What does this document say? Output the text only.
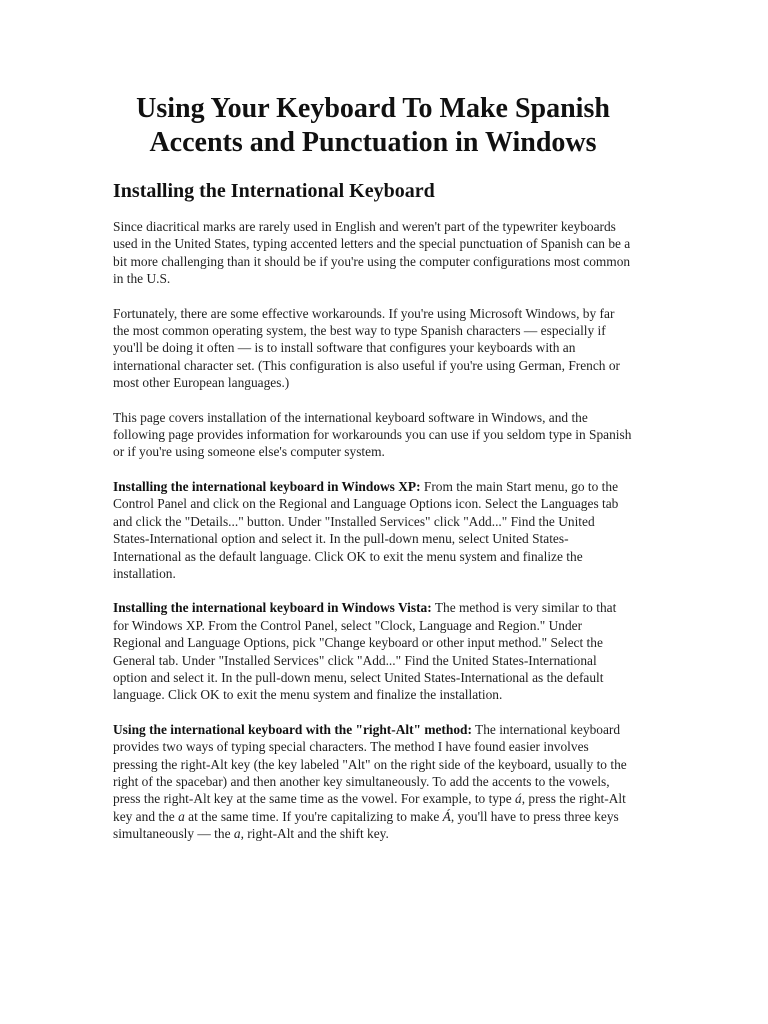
Using Your Keyboard To Make Spanish
Accents and Punctuation in Windows
Installing the International Keyboard

Since diacritical marks are rarely used in English and weren't part of the typewriter keyboards used in the United States, typing accented letters and the special punctuation of Spanish can be a bit more challenging than it should be if you're using the computer configurations most common in the U.S.

Fortunately, there are some effective workarounds. If you're using Microsoft Windows, by far the most common operating system, the best way to type Spanish characters — especially if you'll be doing it often — is to install software that configures your keyboards with an international character set. (This configuration is also useful if you're using German, French or most other European languages.)

This page covers installation of the international keyboard software in Windows, and the following page provides information for workarounds you can use if you seldom type in Spanish or if you're using someone else's computer system.

Installing the international keyboard in Windows XP: From the main Start menu, go to the Control Panel and click on the Regional and Language Options icon. Select the Languages tab and click the "Details..." button. Under "Installed Services" click "Add..." Find the United States-International option and select it. In the pull-down menu, select United States-International as the default language. Click OK to exit the menu system and finalize the installation.

Installing the international keyboard in Windows Vista: The method is very similar to that for Windows XP. From the Control Panel, select "Clock, Language and Region." Under Regional and Language Options, pick "Change keyboard or other input method." Select the General tab. Under "Installed Services" click "Add..." Find the United States-International option and select it. In the pull-down menu, select United States-International as the default language. Click OK to exit the menu system and finalize the installation.

Using the international keyboard with the "right-Alt" method: The international keyboard provides two ways of typing special characters. The method I have found easier involves pressing the right-Alt key (the key labeled "Alt" on the right side of the keyboard, usually to the right of the spacebar) and then another key simultaneously. To add the accents to the vowels, press the right-Alt key at the same time as the vowel. For example, to type á, press the right-Alt key and the a at the same time. If you're capitalizing to make Á, you'll have to press three keys simultaneously — the a, right-Alt and the shift key.
